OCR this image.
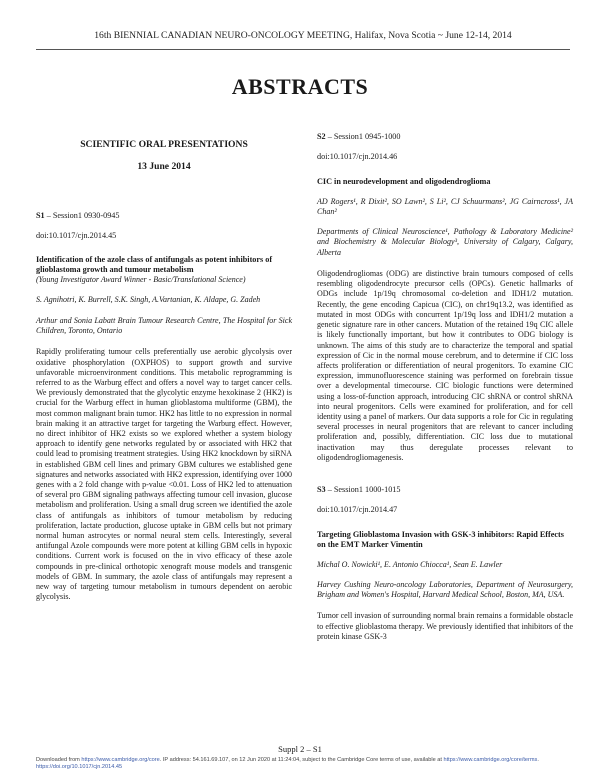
16th BIENNIAL CANADIAN NEURO-ONCOLOGY MEETING, Halifax, Nova Scotia ~ June 12-14, 2014
ABSTRACTS
SCIENTIFIC ORAL PRESENTATIONS
13 June 2014

S1 – Session1 0930-0945

doi:10.1017/cjn.2014.45
Identification of the azole class of antifungals as potent inhibitors of glioblastoma growth and tumour metabolism
(Young Investigator Award Winner - Basic/Translational Science)
S. Agnihotri, K. Burrell, S.K. Singh, A.Vartanian, K. Aldape, G. Zadeh
Arthur and Sonia Labatt Brain Tumour Research Centre, The Hospital for Sick Children, Toronto, Ontario
Rapidly proliferating tumour cells preferentially use aerobic glycolysis over oxidative phosphorylation (OXPHOS) to support growth and survive unfavorable microenvironment conditions. This metabolic reprogramming is referred to as the Warburg effect and offers a novel way to target cancer cells. We previously demonstrated that the glycolytic enzyme hexokinase 2 (HK2) is crucial for the Warburg effect in human glioblastoma multiforme (GBM), the most common malignant brain tumor. HK2 has little to no expression in normal brain making it an attractive target for targeting the Warburg effect. However, no direct inhibitor of HK2 exists so we explored whether a system biology approach to identify gene networks regulated by or associated with HK2 that could lead to promising treatment strategies. Using HK2 knockdown by siRNA in established GBM cell lines and primary GBM cultures we established gene signatures and networks associated with HK2 expression, identifying over 1000 genes with a 2 fold change with p-value <0.01. Loss of HK2 led to attenuation of several pro GBM signaling pathways affecting tumour cell invasion, glucose metabolism and proliferation. Using a small drug screen we identified the azole class of antifungals as inhibitors of tumour metabolism by reducing proliferation, lactate production, glucose uptake in GBM cells but not primary normal human astrocytes or normal neural stem cells. Interestingly, several antifungal Azole compounds were more potent at killing GBM cells in hypoxic conditions. Current work is focused on the in vivo efficacy of these azole compounds in pre-clinical orthotopic xenograft mouse models and transgenic models of GBM. In summary, the azole class of antifungals may represent a new way of targeting tumour metabolism in tumours dependent on aerobic glycolysis.

S2 – Session1 0945-1000

doi:10.1017/cjn.2014.46
CIC in neurodevelopment and oligodendroglioma
AD Rogers¹, R Dixit², SO Lawn², S Li², CJ Schuurmans², JG Cairncross¹, JA Chan²
Departments of Clinical Neuroscience¹, Pathology & Laboratory Medicine² and Biochemistry & Molecular Biology³, University of Calgary, Calgary, Alberta
Oligodendrogliomas (ODG) are distinctive brain tumours composed of cells resembling oligodendrocyte precursor cells (OPCs). Genetic hallmarks of ODGs include 1p/19q chromosomal co-deletion and IDH1/2 mutation. Recently, the gene encoding Capicua (CIC), on chr19q13.2, was identified as mutated in most ODGs with concurrent 1p/19q loss and IDH1/2 mutation a genetic signature rare in other cancers. Mutation of the retained 19q CIC allele is likely functionally important, but how it contributes to ODG biology is unknown. The aims of this study are to characterize the temporal and spatial expression of Cic in the normal mouse cerebrum, and to determine if CIC loss affects proliferation or differentiation of neural progenitors. To examine CIC expression, immunofluorescence staining was performed on forebrain tissue over a developmental timecourse. CIC biologic functions were determined using a loss-of-function approach, introducing CIC shRNA or control shRNA into neural progenitors. Cells were examined for proliferation, and for cell identity using a panel of markers. Our data supports a role for Cic in regulating several processes in neural progenitors that are relevant to cancer including proliferation and, possibly, differentiation. CIC loss due to mutational inactivation may thus deregulate processes relevant to oligodendrogliomagenesis.

S3 – Session1 1000-1015

doi:10.1017/cjn.2014.47
Targeting Glioblastoma Invasion with GSK-3 inhibitors: Rapid Effects on the EMT Marker Vimentin
Michal O. Nowicki¹, E. Antonio Chiocca¹, Sean E. Lawler
Harvey Cushing Neuro-oncology Laboratories, Department of Neurosurgery, Brigham and Women's Hospital, Harvard Medical School, Boston, MA, USA.
Tumor cell invasion of surrounding normal brain remains a formidable obstacle to effective glioblastoma therapy. We previously identified that inhibitors of the protein kinase GSK-3
Suppl 2 – S1
Downloaded from https://www.cambridge.org/core. IP address: 54.161.69.107, on 12 Jun 2020 at 11:24:04, subject to the Cambridge Core terms of use, available at https://www.cambridge.org/core/terms. https://doi.org/10.1017/cjn.2014.45
